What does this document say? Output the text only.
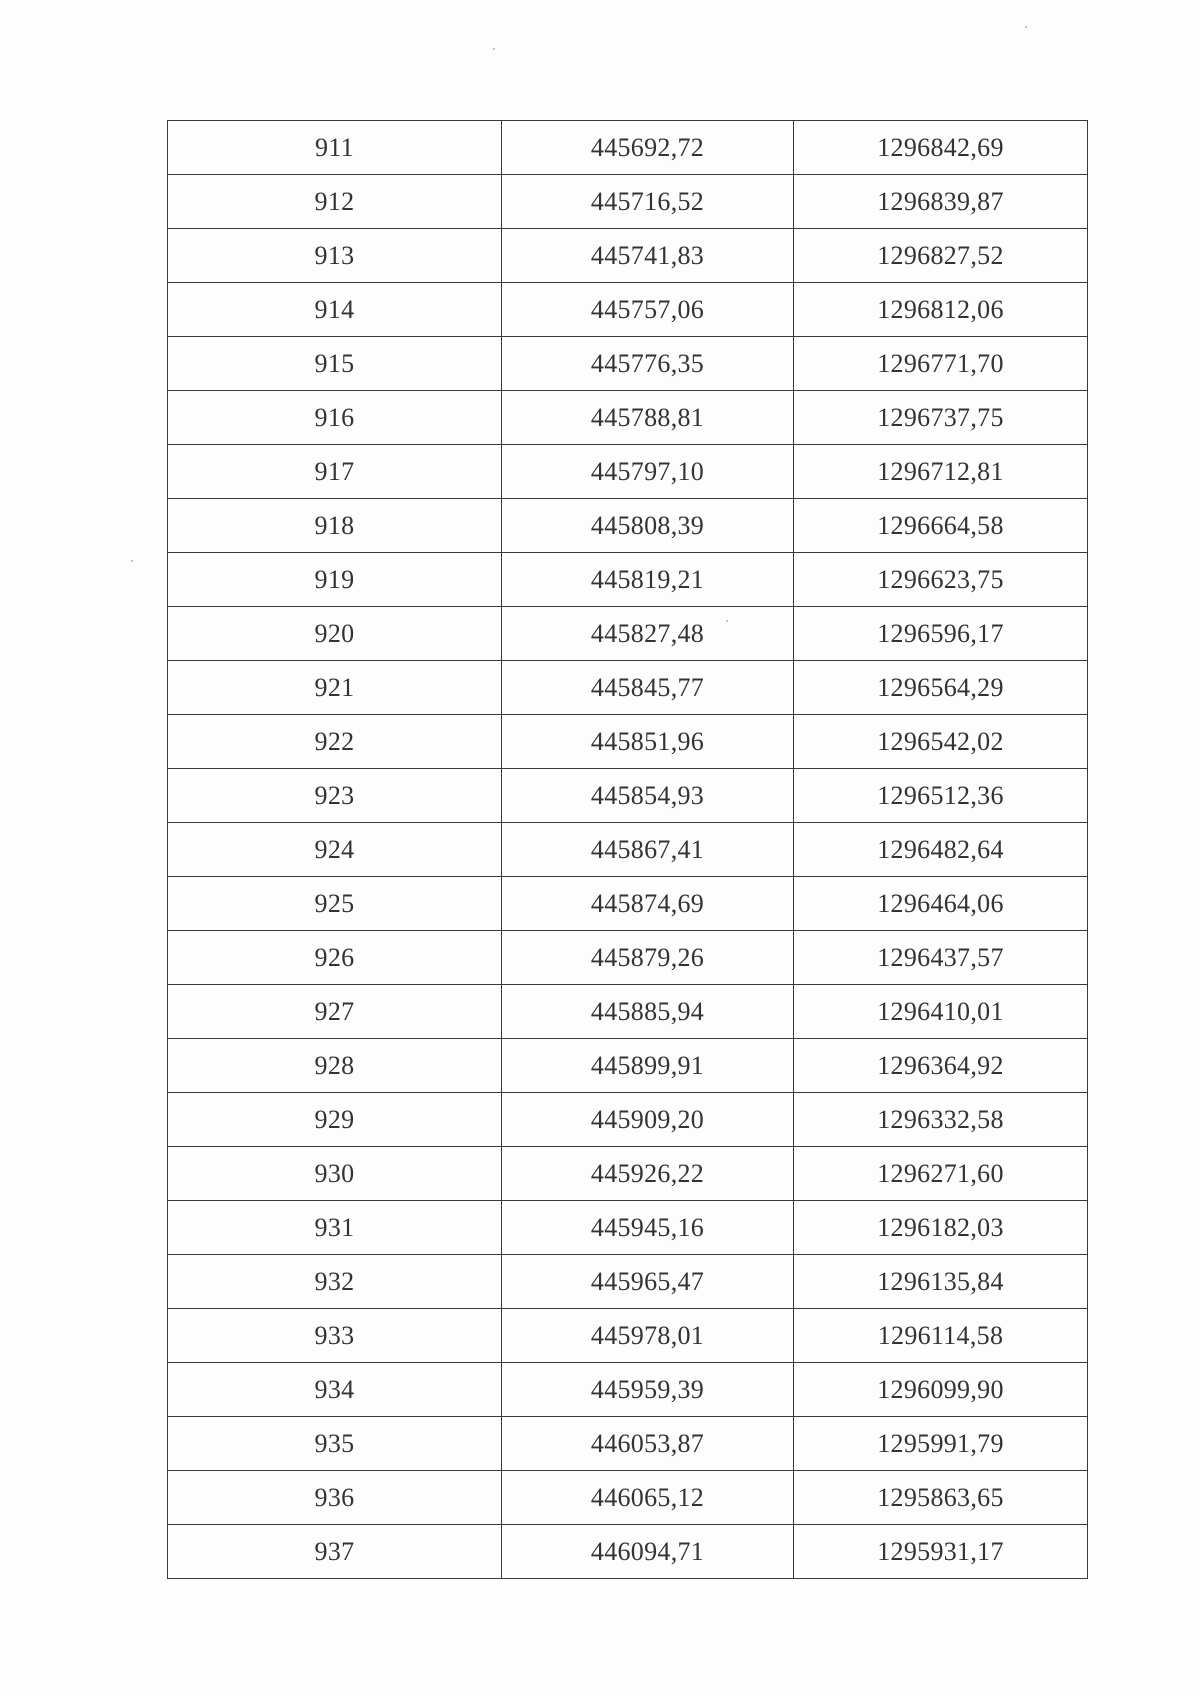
911	445692,72	1296842,69
912	445716,52	1296839,87
913	445741,83	1296827,52
914	445757,06	1296812,06
915	445776,35	1296771,70
916	445788,81	1296737,75
917	445797,10	1296712,81
918	445808,39	1296664,58
919	445819,21	1296623,75
920	445827,48	1296596,17
921	445845,77	1296564,29
922	445851,96	1296542,02
923	445854,93	1296512,36
924	445867,41	1296482,64
925	445874,69	1296464,06
926	445879,26	1296437,57
927	445885,94	1296410,01
928	445899,91	1296364,92
929	445909,20	1296332,58
930	445926,22	1296271,60
931	445945,16	1296182,03
932	445965,47	1296135,84
933	445978,01	1296114,58
934	445959,39	1296099,90
935	446053,87	1295991,79
936	446065,12	1295863,65
937	446094,71	1295931,17
